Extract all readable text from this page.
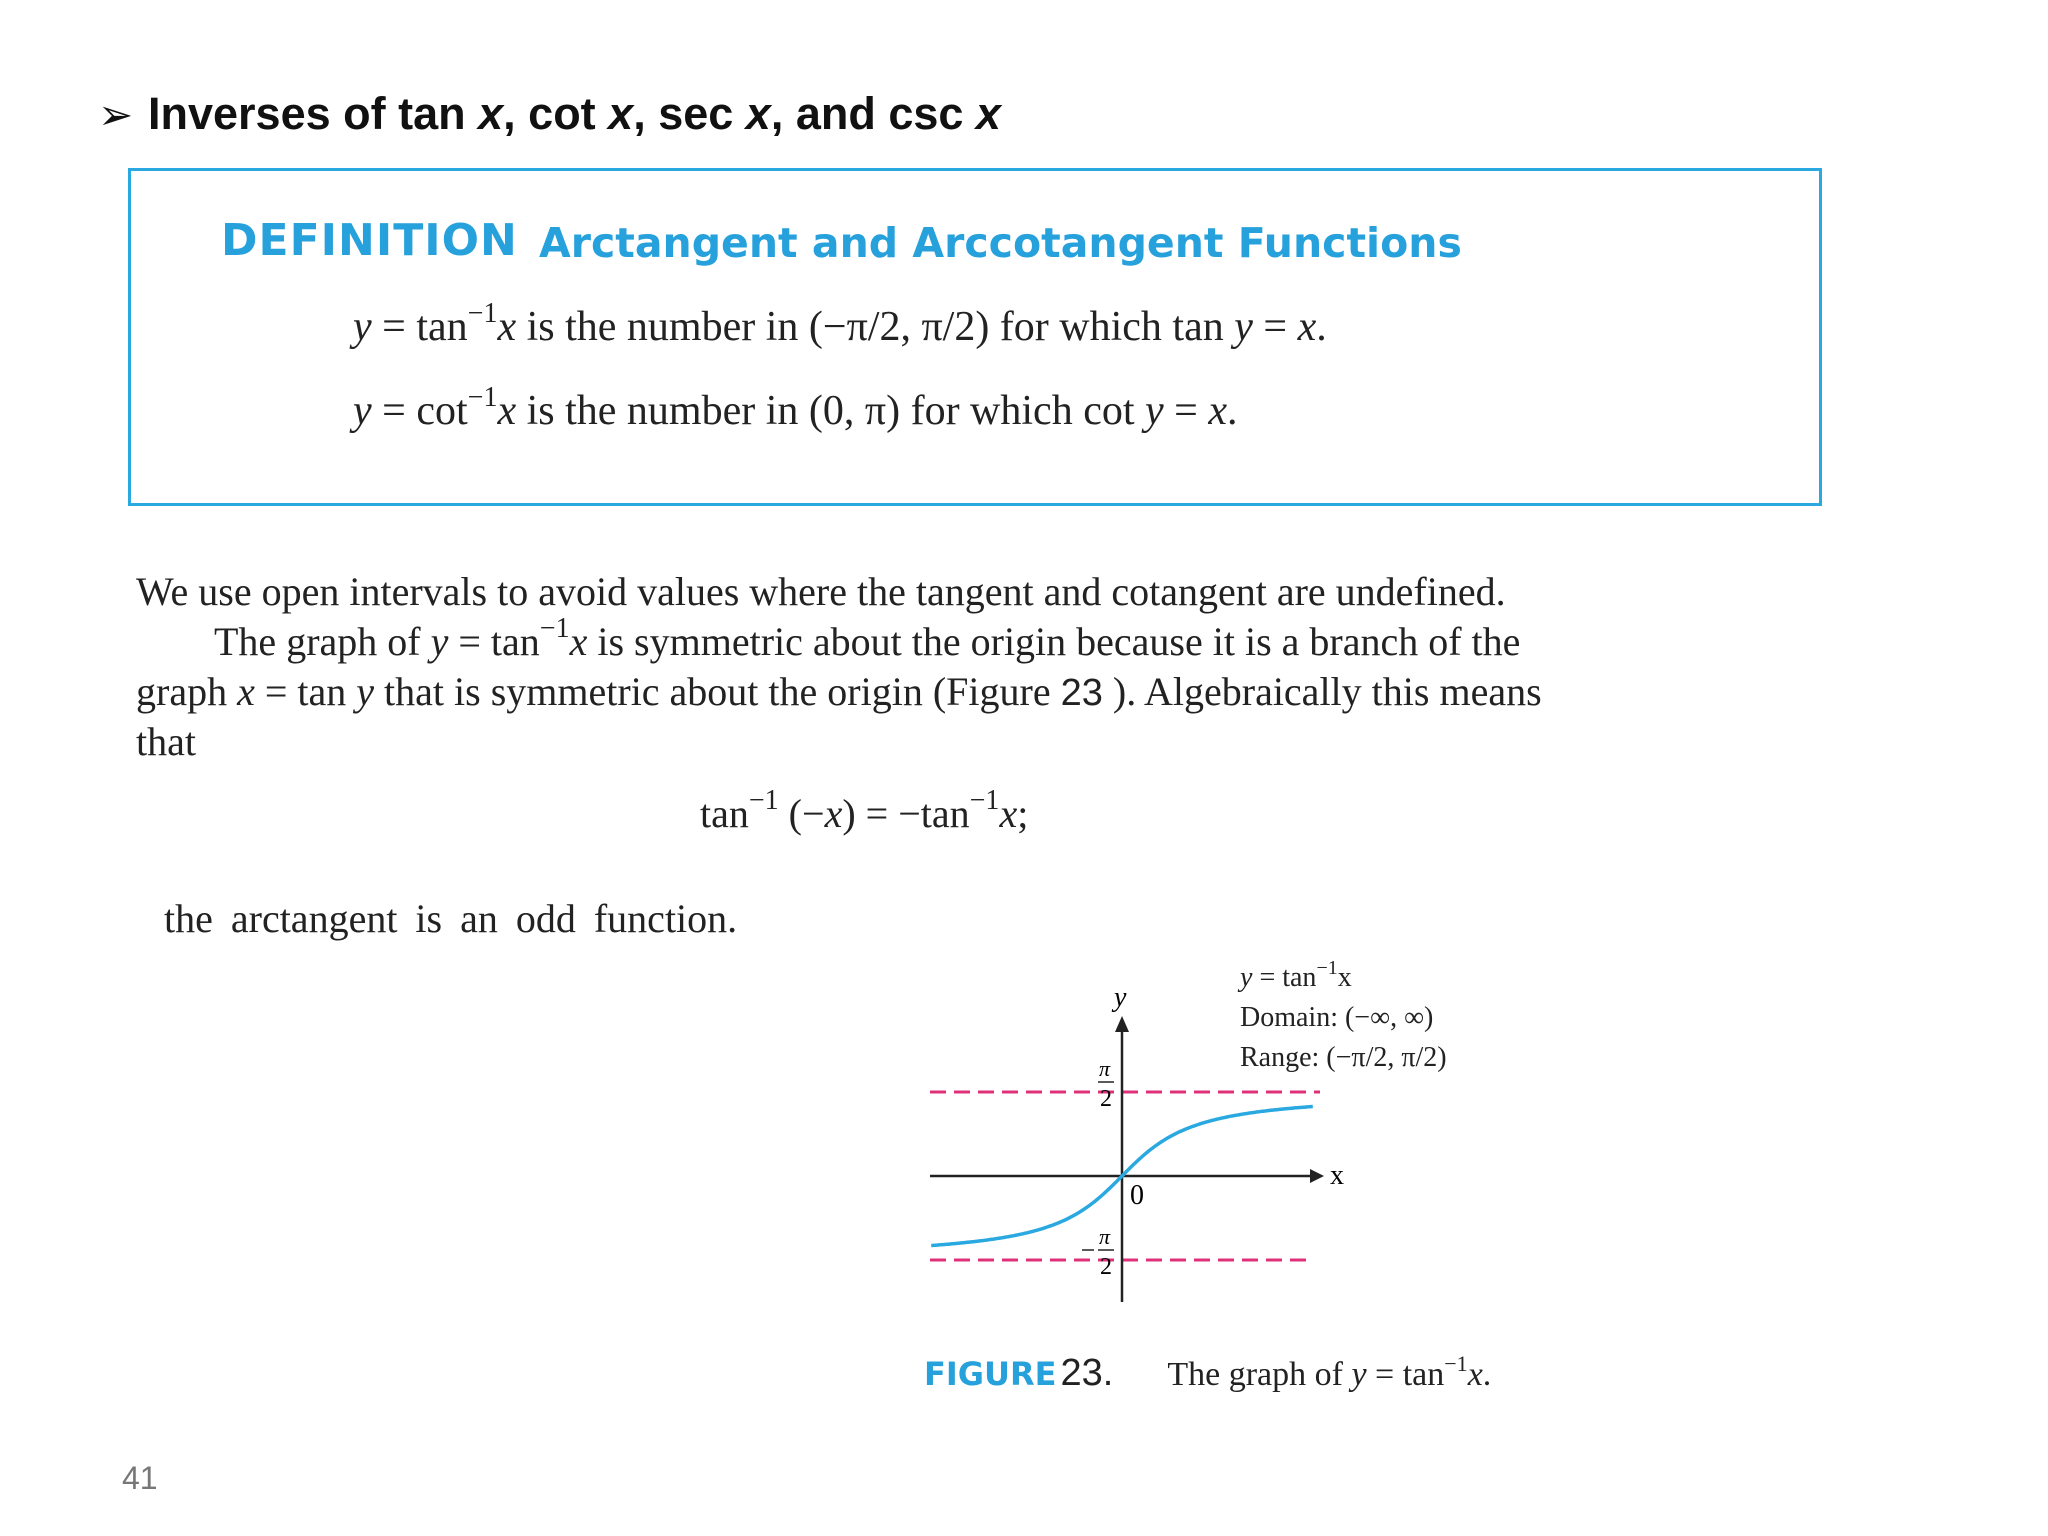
➢ Inverses of tan x, cot x, sec x, and csc x
DEFINITION Arctangent and Arccotangent Functions
$y = \tan^{-1}x$ is the number in (−π/2, π/2) for which tan y = x.
$y = \cot^{-1}x$ is the number in (0, π) for which cot y = x.
We use open intervals to avoid values where the tangent and cotangent are undefined.
The graph of $y = \tan^{-1}x$ is symmetric about the origin because it is a branch of the
graph x = tan y that is symmetric about the origin (Figure 23 ). Algebraically this means
that
$\tan^{-1} (-x) = -\tan^{-1}x$;
the arctangent is an odd function.
y
x
0
π
2
π
2
$y = \tan^{-1}x$
Domain: (−∞, ∞)
Range: (−π/2, π/2)
FIGURE 23. The graph of $y = \tan^{-1}x$.
41
